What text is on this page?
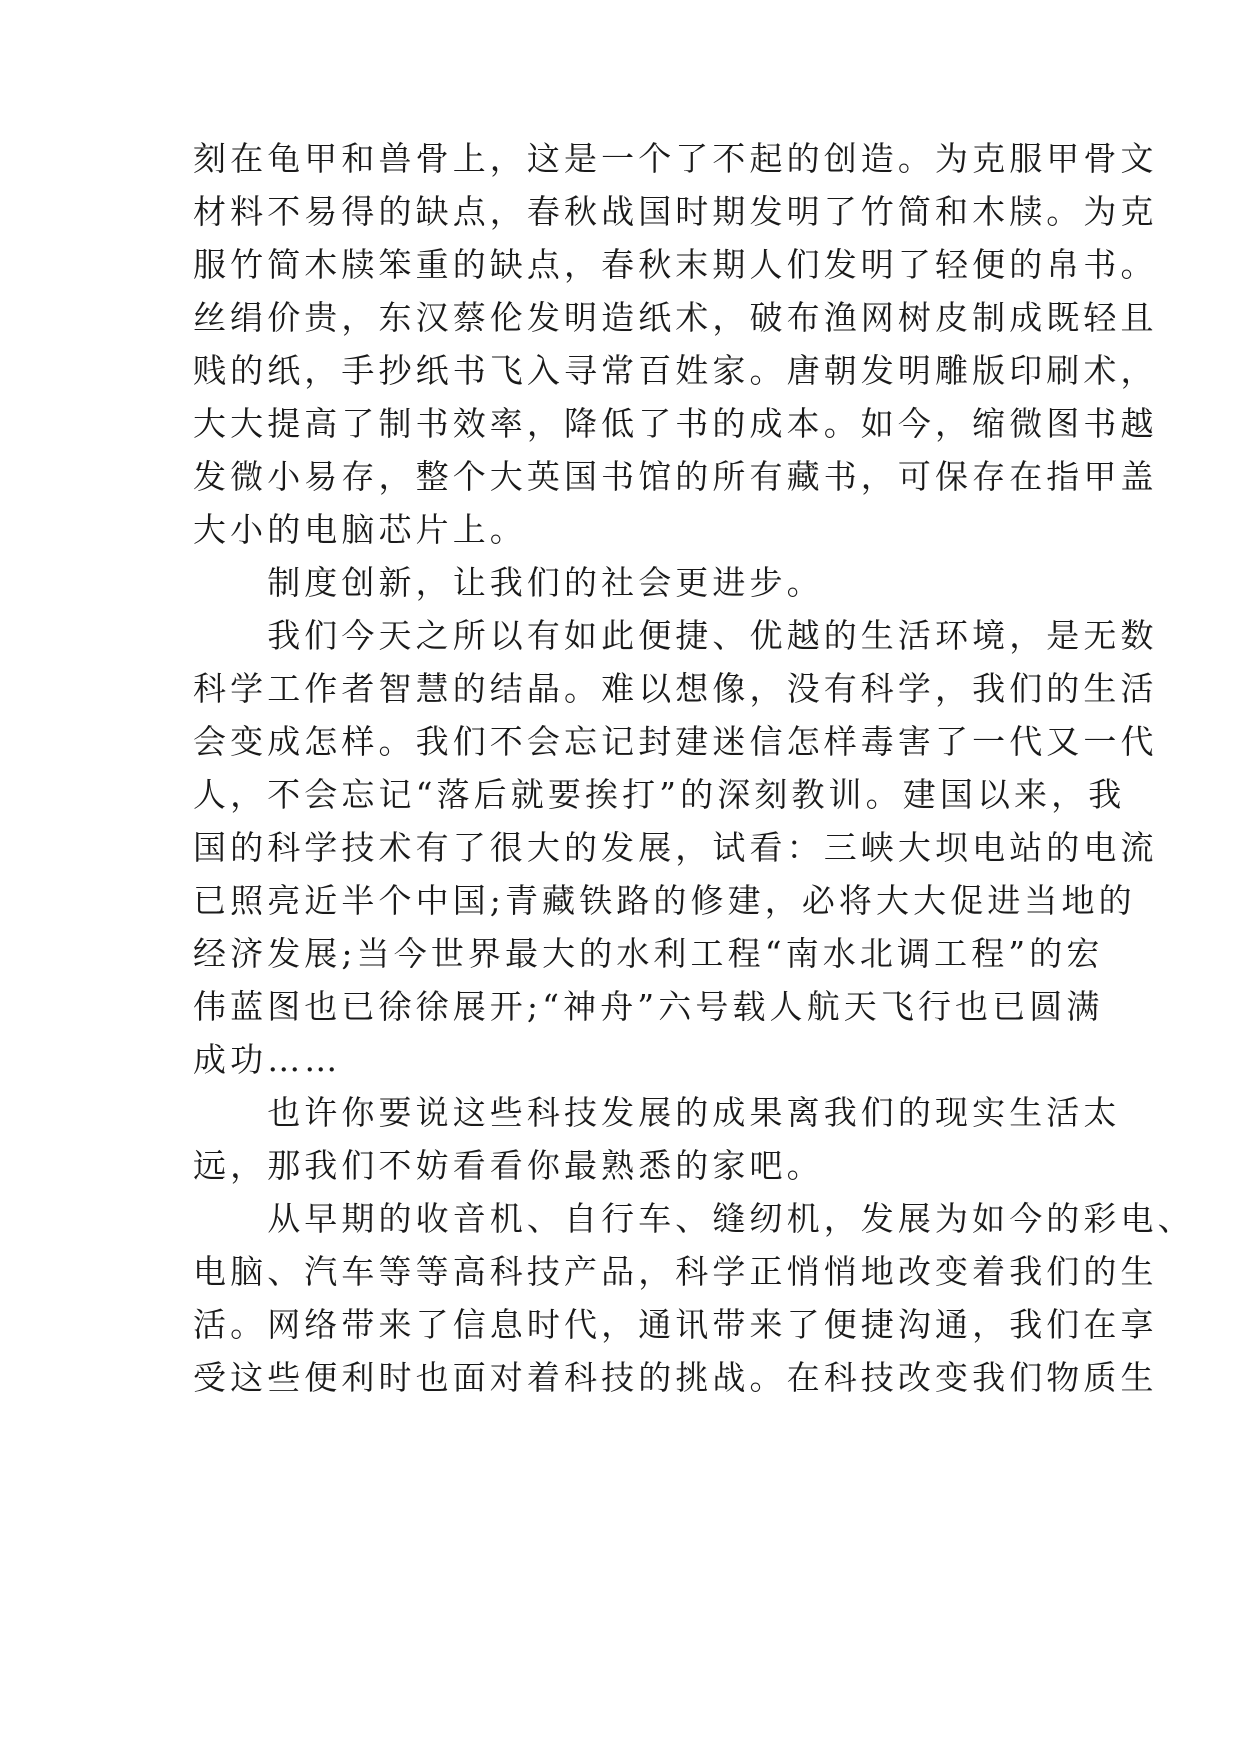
刻在龟甲和兽骨上，这是一个了不起的创造。为克服甲骨文
材料不易得的缺点，春秋战国时期发明了竹简和木牍。为克
服竹简木牍笨重的缺点，春秋末期人们发明了轻便的帛书。
丝绢价贵，东汉蔡伦发明造纸术，破布渔网树皮制成既轻且
贱的纸，手抄纸书飞入寻常百姓家。唐朝发明雕版印刷术，
大大提高了制书效率，降低了书的成本。如今，缩微图书越
发微小易存，整个大英国书馆的所有藏书，可保存在指甲盖
大小的电脑芯片上。
　　制度创新，让我们的社会更进步。
　　我们今天之所以有如此便捷、优越的生活环境，是无数
科学工作者智慧的结晶。难以想像，没有科学，我们的生活
会变成怎样。我们不会忘记封建迷信怎样毒害了一代又一代
人，不会忘记“落后就要挨打”的深刻教训。建国以来，我
国的科学技术有了很大的发展，试看：三峡大坝电站的电流
已照亮近半个中国;青藏铁路的修建，必将大大促进当地的
经济发展;当今世界最大的水利工程“南水北调工程”的宏
伟蓝图也已徐徐展开;“神舟”六号载人航天飞行也已圆满
成功……
　　也许你要说这些科技发展的成果离我们的现实生活太
远，那我们不妨看看你最熟悉的家吧。
　　从早期的收音机、自行车、缝纫机，发展为如今的彩电、
电脑、汽车等等高科技产品，科学正悄悄地改变着我们的生
活。网络带来了信息时代，通讯带来了便捷沟通，我们在享
受这些便利时也面对着科技的挑战。在科技改变我们物质生
